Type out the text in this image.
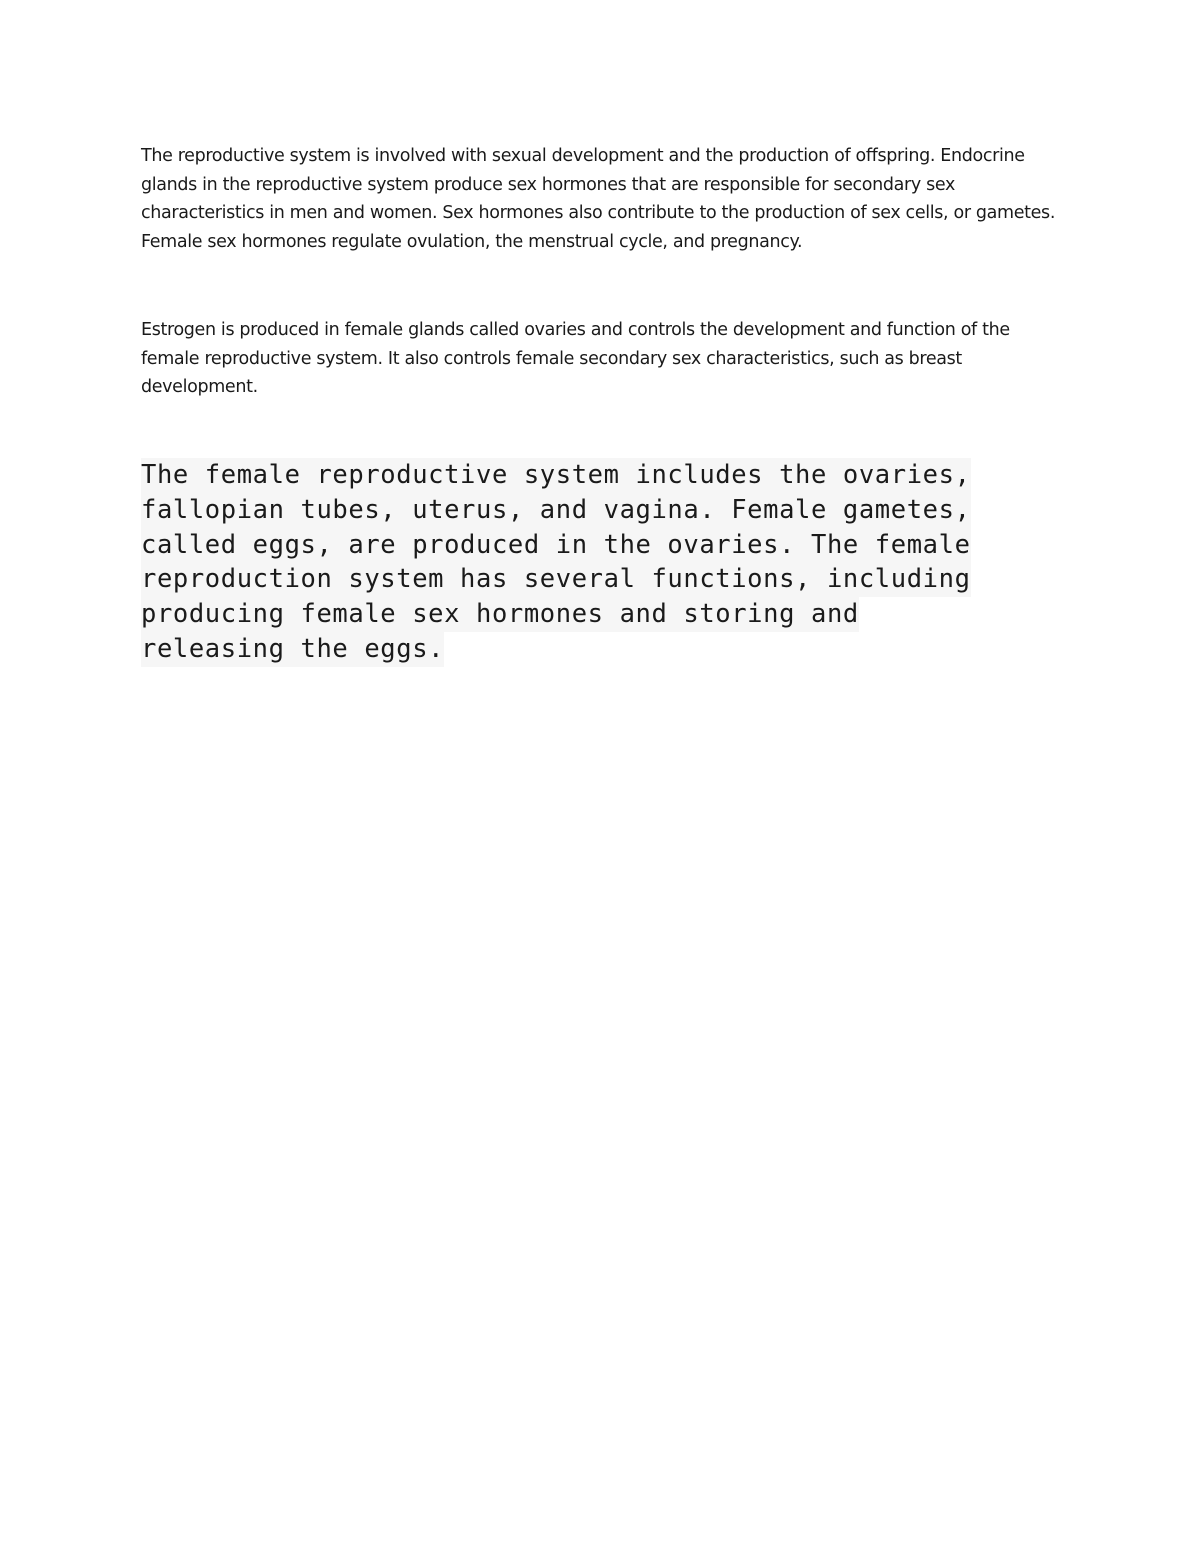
The reproductive system is involved with sexual development and the production of offspring. Endocrine glands in the reproductive system produce sex hormones that are responsible for secondary sex characteristics in men and women. Sex hormones also contribute to the production of sex cells, or gametes. Female sex hormones regulate ovulation, the menstrual cycle, and pregnancy.

Estrogen is produced in female glands called ovaries and controls the development and function of the female reproductive system. It also controls female secondary sex characteristics, such as breast development.

The female reproductive system includes the ovaries,
fallopian tubes, uterus, and vagina. Female gametes,
called eggs, are produced in the ovaries. The female
reproduction system has several functions, including
producing female sex hormones and storing and
releasing the eggs.
